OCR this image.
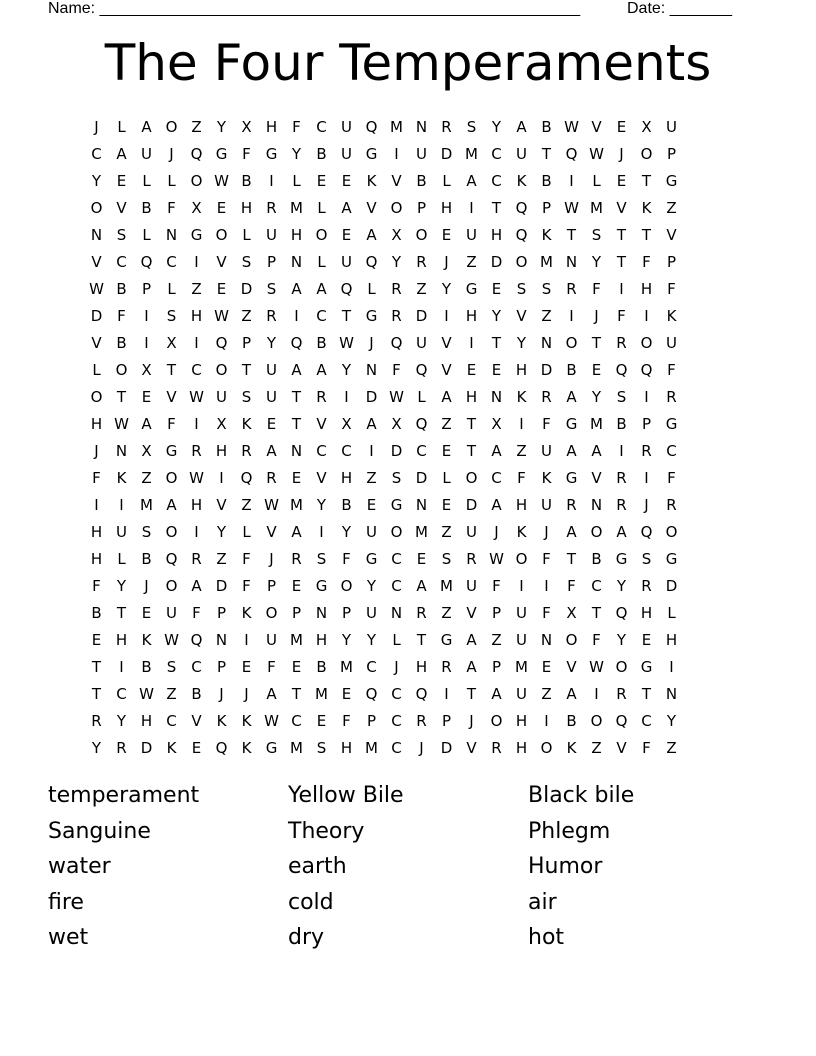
Name: ______________________________________________________	Date: _______
The Four Temperaments
J	L	A O Z	Y	X H	F	C U Q M N R	S	Y	A B W V	E	X U
C A U	J	Q G F G Y	B U G	I	U D M C U T Q W	J	O P
Y	E	L	L O W B	I	L	E	E	K V B	L	A C K B	I	L	E	T G
O V B	F	X	E H R M L	A V O P H	I	T Q P W M V K Z
N S	L	N G O L	U H O E	A X O E U H Q K	T	S	T	T	V
V C Q C	I	V	S	P N	L	U Q Y	R	J	Z D O M N Y	T	F	P
W B	P	L	Z	E D S	A A Q L	R Z	Y G E	S	S	R	F	I	H	F
D F	I	S H W Z R	I	C	T G R D	I	H Y	V Z	I	J	F	I	K
V B	I	X	I	Q P	Y Q B W	J	Q U V	I	T	Y N O T	R O U
L O X	T	C O T U A A	Y N	F Q V	E	E H D B	E Q Q F
O T	E	V W U S U T	R	I	D W L	A H N K R A	Y	S	I	R
H W A	F	I	X K	E	T	V X A X Q Z	T	X	I	F G M B	P G
J	N X G R H R A N C C	I	D C	E	T	A Z U A A	I	R C
F	K Z O W	I	Q R	E	V H Z	S D	L O C	F	K G V R	I	F
I	I	M A H V Z W M Y	B	E G N E D A H U R N R	J	R
H U S O	I	Y	L	V A	I	Y U O M Z U	J	K	J	A O A Q O
H	L	B Q R Z	F	J	R	S	F G C	E	S	R W O F	T	B G S G
F	Y	J	O A D F	P	E G O Y	C A M U	F	I	I	F	C	Y	R D
B	T	E U	F	P	K O P N P U N R Z V	P U	F	X	T Q H	L
E H K W Q N	I	U M H Y	Y	L	T G A Z U N O F	Y	E H
T	I	B	S C	P	E	F	E	B M C	J	H R A	P M E	V W O G	I
T	C W Z B	J	J	A	T M E Q C Q	I	T	A U Z A	I	R	T N
R	Y H C V K	K W C	E	F	P	C R	P	J	O H	I	B O Q C	Y
Y	R D K	E Q K G M S H M C	J	D V R H O K Z V	F	Z
temperament	Yellow Bile	Black bile
Sanguine	Theory	Phlegm
water	earth	Humor
fire	cold	air
wet	dry	hot
